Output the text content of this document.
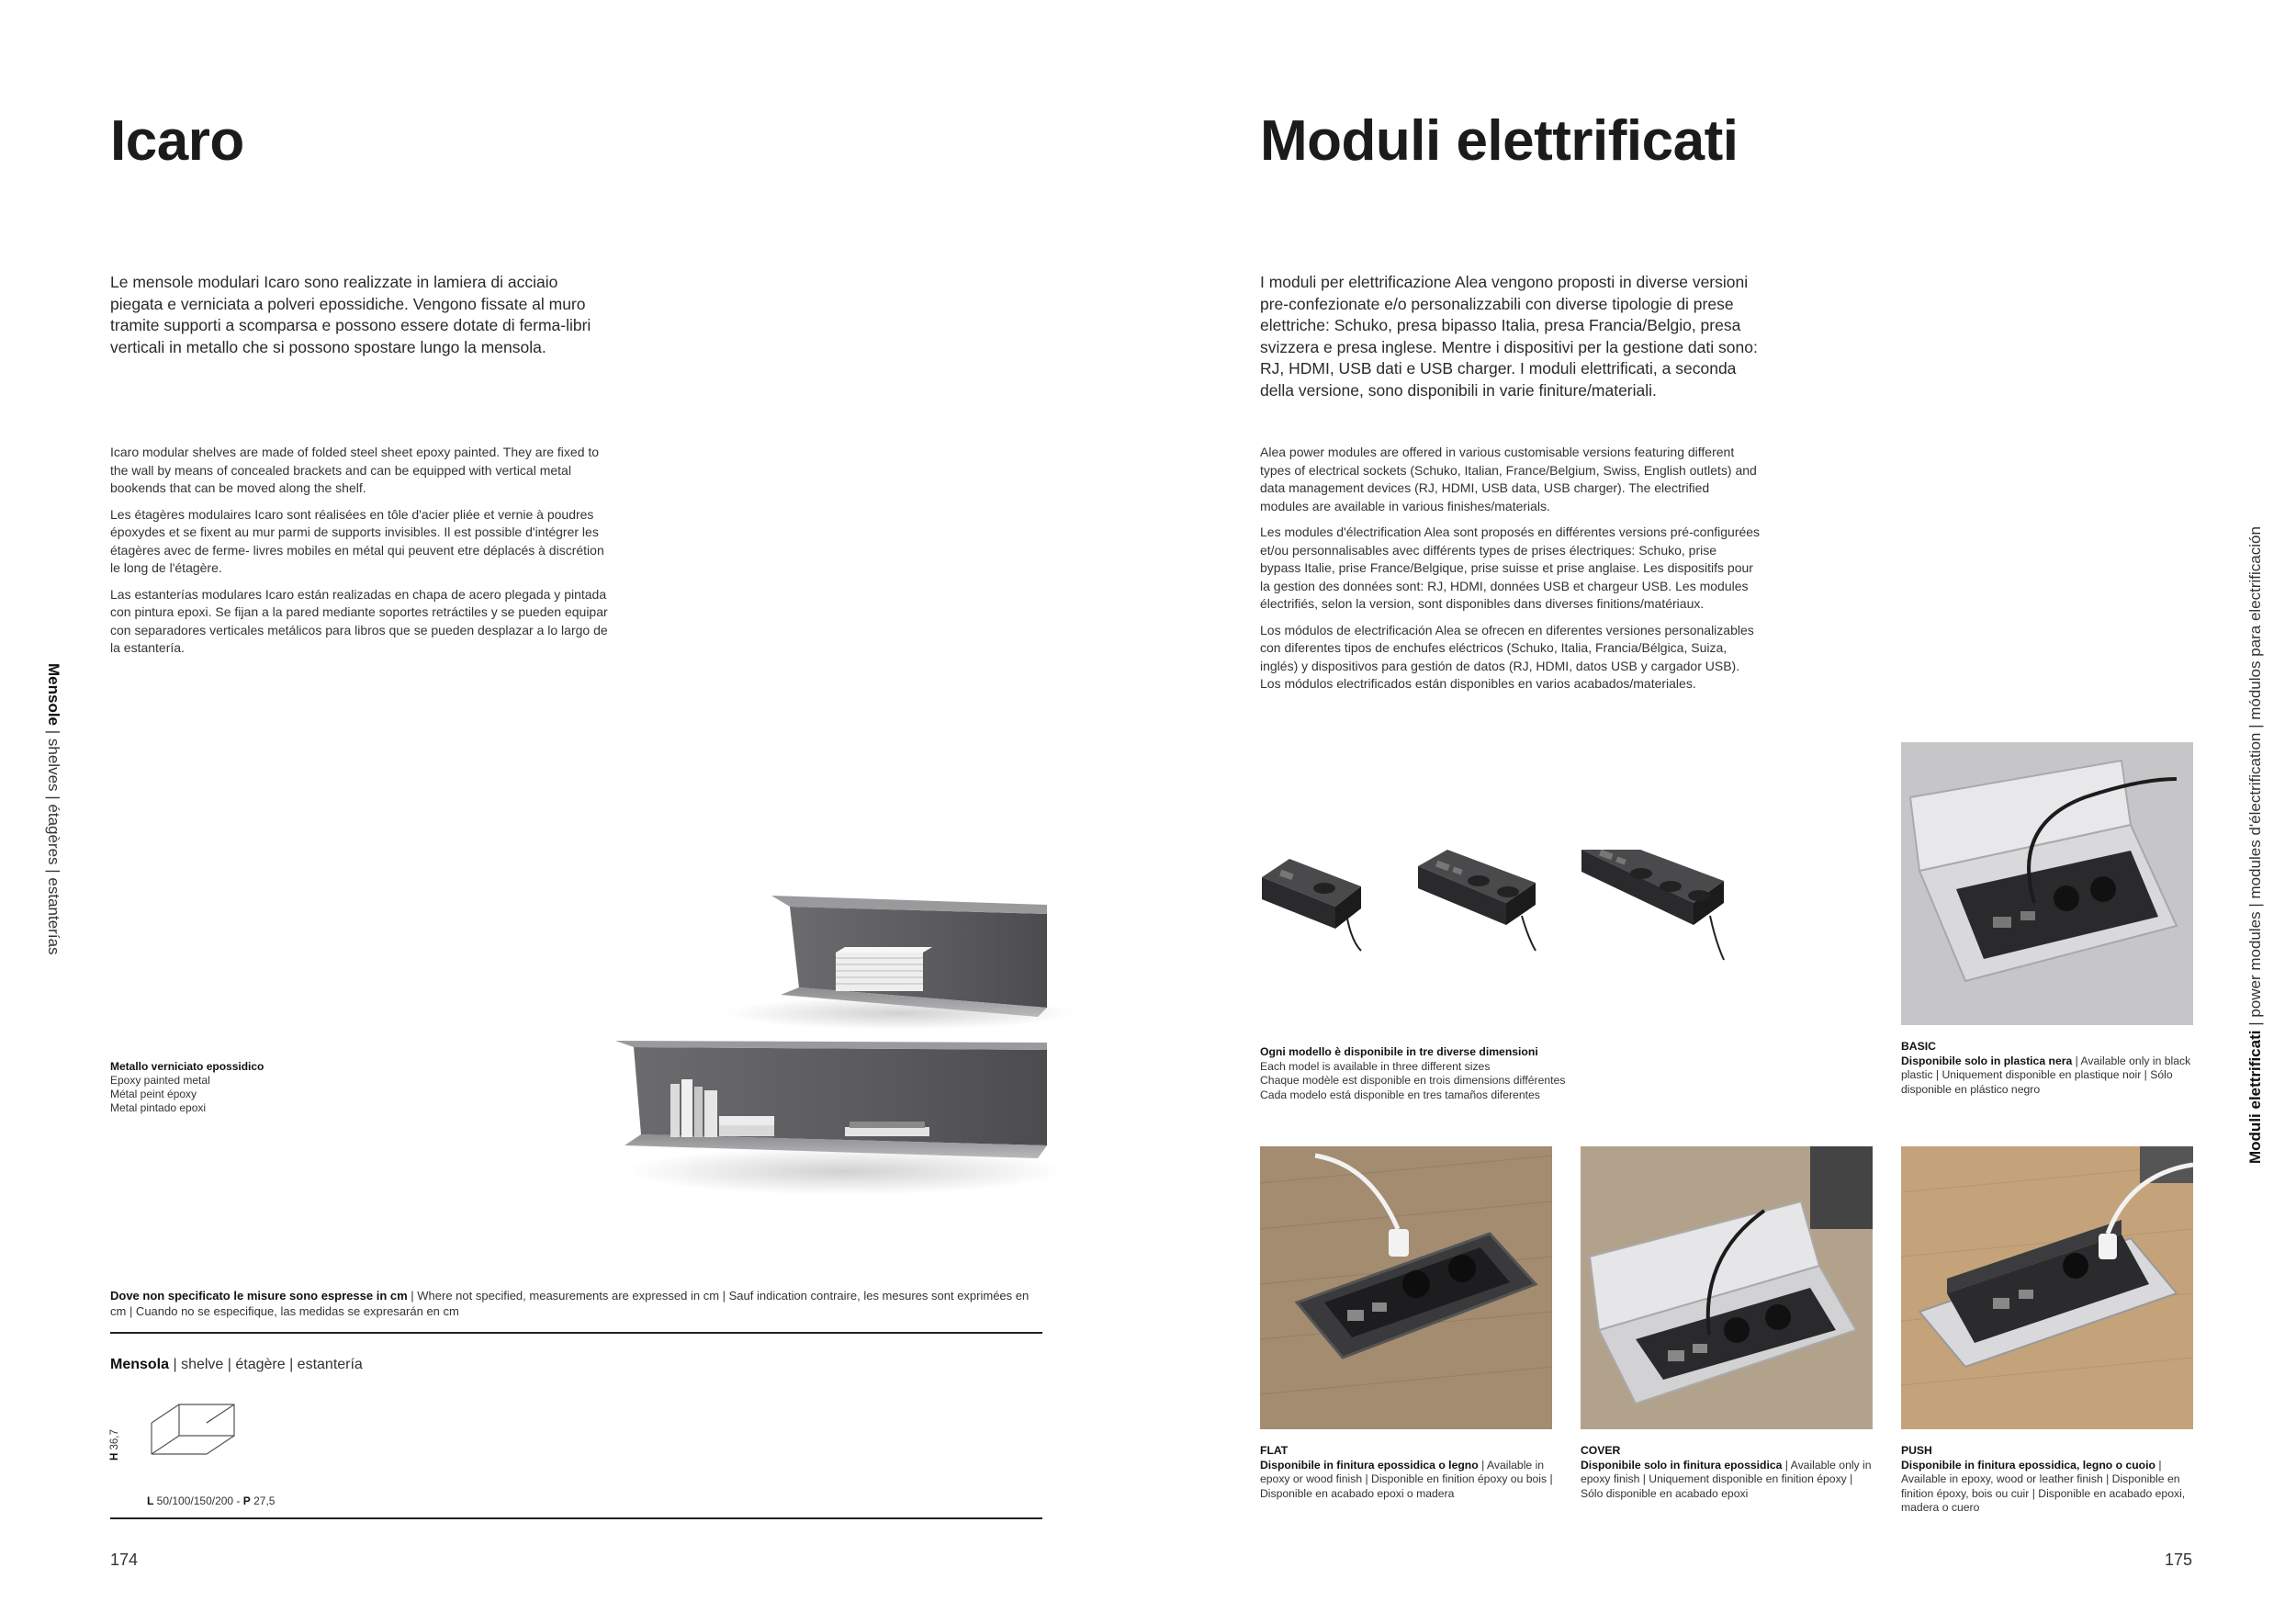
Icaro
Le mensole modulari Icaro sono realizzate in lamiera di acciaio piegata e verniciata a polveri epossidiche. Vengono fissate al muro tramite supporti a scomparsa e possono essere dotate di ferma-libri verticali in metallo che si possono spostare lungo la mensola.

Icaro modular shelves are made of folded steel sheet epoxy painted. They are fixed to the wall by means of concealed brackets and can be equipped with vertical metal bookends that can be moved along the shelf.

Les étagères modulaires Icaro sont réalisées en tôle d'acier pliée et vernie à poudres époxydes et se fixent au mur parmi de supports invisibles. Il est possible d'intégrer les étagères avec de ferme- livres mobiles en métal qui peuvent etre déplacés à discrétion le long de l'étagère.

Las estanterías modulares Icaro están realizadas en chapa de acero plegada y pintada con pintura epoxi. Se fijan a la pared mediante soportes retráctiles y se pueden equipar con separadores verticales metálicos para libros que se pueden desplazar a lo largo de la estantería.

Mensole | shelves | étagères | estanterías
Metallo verniciato epossidico
Epoxy painted metal
Métal peint époxy
Metal pintado epoxi
Dove non specificato le misure sono espresse in cm | Where not specified, measurements are expressed in cm | Sauf indication contraire, les mesures sont exprimées en cm | Cuando no se especifique, las medidas se expresarán en cm
Mensola | shelve | étagère | estantería
H 36,7
L 50/100/150/200 - P 27,5
174
Moduli elettrificati
I moduli per elettrificazione Alea vengono proposti in diverse versioni pre-confezionate e/o personalizzabili con diverse tipologie di prese elettriche: Schuko, presa bipasso Italia, presa Francia/Belgio, presa svizzera e presa inglese. Mentre i dispositivi per la gestione dati sono: RJ, HDMI, USB dati e USB charger. I moduli elettrificati, a seconda della versione, sono disponibili in varie finiture/materiali.

Alea power modules are offered in various customisable versions featuring different types of electrical sockets (Schuko, Italian, France/Belgium, Swiss, English outlets) and data management devices (RJ, HDMI, USB data, USB charger). The electrified modules are available in various finishes/materials.

Les modules d'électrification Alea sont proposés en différentes versions pré-configurées et/ou personnalisables avec différents types de prises électriques: Schuko, prise bypass Italie, prise France/Belgique, prise suisse et prise anglaise. Les dispositifs pour la gestion des données sont: RJ, HDMI, données USB et chargeur USB. Les modules électrifiés, selon la version, sont disponibles dans diverses finitions/matériaux.

Los módulos de electrificación Alea se ofrecen en diferentes versiones personalizables con diferentes tipos de enchufes eléctricos (Schuko, Italia, Francia/Bélgica, Suiza, inglés) y dispositivos para gestión de datos (RJ, HDMI, datos USB y cargador USB). Los módulos electrificados están disponibles en varios acabados/materiales.

Moduli elettrificati | power modules | modules d'électrification | módulos para electrificación
Ogni modello è disponibile in tre diverse dimensioni
Each model is available in three different sizes
Chaque modèle est disponible en trois dimensions différentes
Cada modelo está disponible en tres tamaños diferentes
BASIC
Disponibile solo in plastica nera | Available only in black plastic | Uniquement disponible en plastique noir | Sólo disponible en plástico negro
FLAT
Disponibile in finitura epossidica o legno | Available in epoxy or wood finish | Disponible en finition époxy ou bois | Disponible en acabado epoxi o madera
COVER
Disponibile solo in finitura epossidica | Available only in epoxy finish | Uniquement disponible en finition époxy | Sólo disponible en acabado epoxi
PUSH
Disponibile in finitura epossidica, legno o cuoio | Available in epoxy, wood or leather finish | Disponible en finition époxy, bois ou cuir | Disponible en acabado epoxi, madera o cuero
175
